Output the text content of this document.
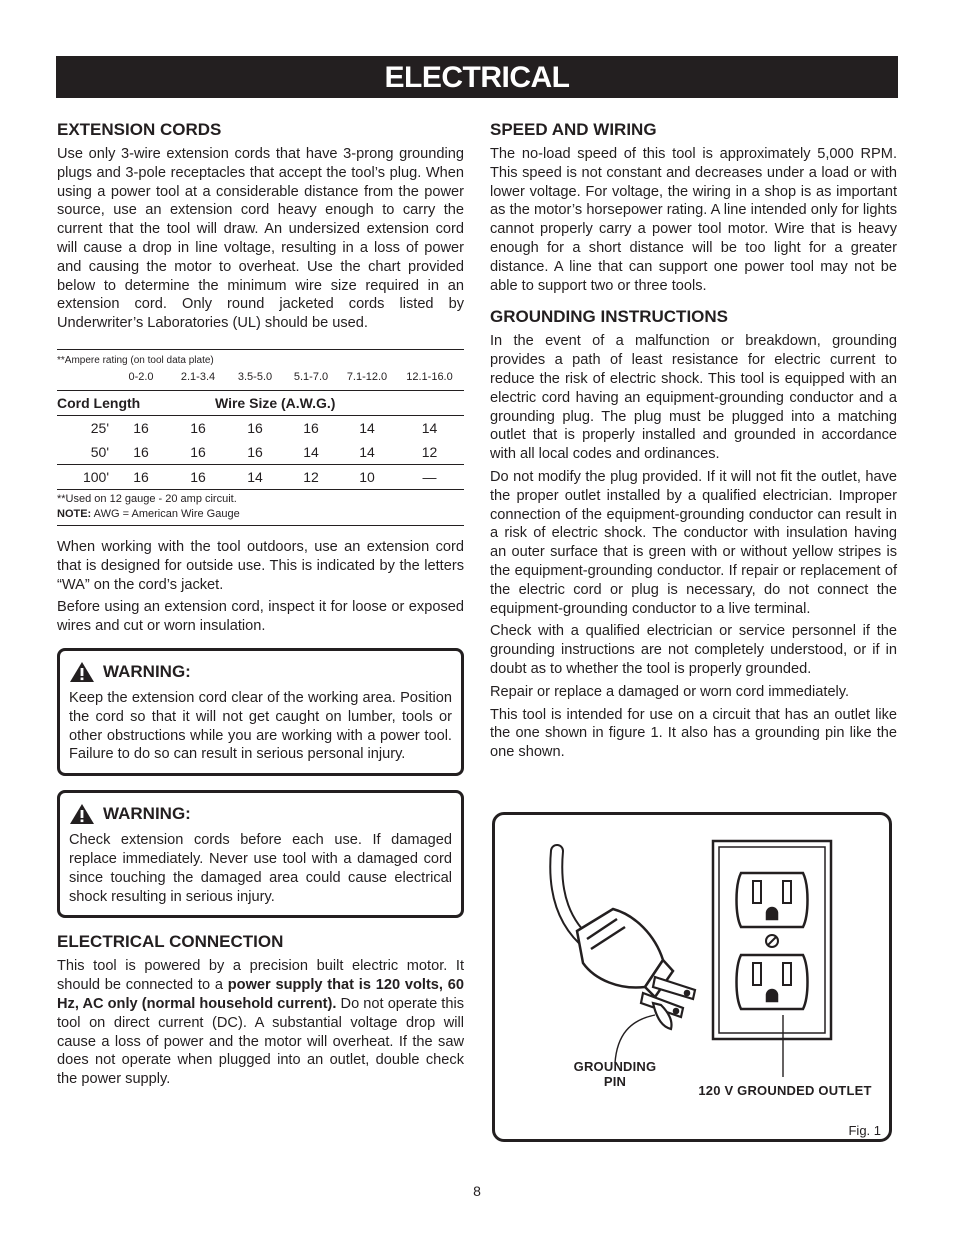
ELECTRICAL
EXTENSION CORDS

Use only 3-wire extension cords that have 3-prong grounding plugs and 3-pole receptacles that accept the tool’s plug. When using a power tool at a considerable distance from the power source, use an extension cord heavy enough to carry the current that the tool will draw. An undersized extension cord will cause a drop in line voltage, resulting in a loss of power and causing the motor to overheat. Use the chart provided below to determine the minimum wire size required in an extension cord. Only round jacketed cords listed by Underwriter’s Laboratories (UL) should be used.

**Ampere rating (on tool data plate)
0-2.0	2.1-3.4	3.5-5.0	5.1-7.0	7.1-12.0	12.1-16.0
Cord Length	Wire Size (A.W.G.)
25'	16	16	16	16	14	14
50'	16	16	16	14	14	12
100'	16	16	14	12	10	—
**Used on 12 gauge - 20 amp circuit.
NOTE: AWG = American Wire Gauge

When working with the tool outdoors, use an extension cord that is designed for outside use. This is indicated by the letters “WA” on the cord’s jacket.

Before using an extension cord, inspect it for loose or exposed wires and cut or worn insulation.

WARNING:

Keep the extension cord clear of the working area. Position the cord so that it will not get caught on lumber, tools or other obstructions while you are working with a power tool. Failure to do so can result in serious personal injury.

WARNING:

Check extension cords before each use. If damaged replace immediately. Never use tool with a damaged cord since touching the damaged area could cause electrical shock resulting in serious injury.

ELECTRICAL CONNECTION

This tool is powered by a precision built electric motor. It should be connected to a power supply that is 120 volts, 60 Hz, AC only (normal household current). Do not operate this tool on direct current (DC). A substantial voltage drop will cause a loss of power and the motor will overheat. If the saw does not operate when plugged into an outlet, double check the power supply.

SPEED AND WIRING

The no-load speed of this tool is approximately 5,000 RPM. This speed is not constant and decreases under a load or with lower voltage. For voltage, the wiring in a shop is as important as the motor’s horsepower rating. A line intended only for lights cannot properly carry a power tool motor. Wire that is heavy enough for a short distance will be too light for a greater distance. A line that can support one power tool may not be able to support two or three tools.

GROUNDING INSTRUCTIONS

In the event of a malfunction or breakdown, grounding provides a path of least resistance for electric current to reduce the risk of electric shock. This tool is equipped with an electric cord having an equipment-grounding conductor and a grounding plug. The plug must be plugged into a matching outlet that is properly installed and grounded in accordance with all local codes and ordinances.

Do not modify the plug provided. If it will not fit the outlet, have the proper outlet installed by a qualified electrician. Improper connection of the equipment-grounding conductor can result in a risk of electric shock. The conductor with insulation having an outer surface that is green with or without yellow stripes is the equipment-grounding conductor. If repair or replacement of the electric cord or plug is necessary, do not connect the equipment-grounding conductor to a live terminal.

Check with a qualified electrician or service personnel if the grounding instructions are not completely understood, or if in doubt as to whether the tool is properly grounded.

Repair or replace a damaged or worn cord immediately.

This tool is intended for use on a circuit that has an outlet like the one shown in figure 1. It also has a grounding pin like the one shown.

GROUNDING
PIN
120 V GROUNDED OUTLET
Fig. 1
8
